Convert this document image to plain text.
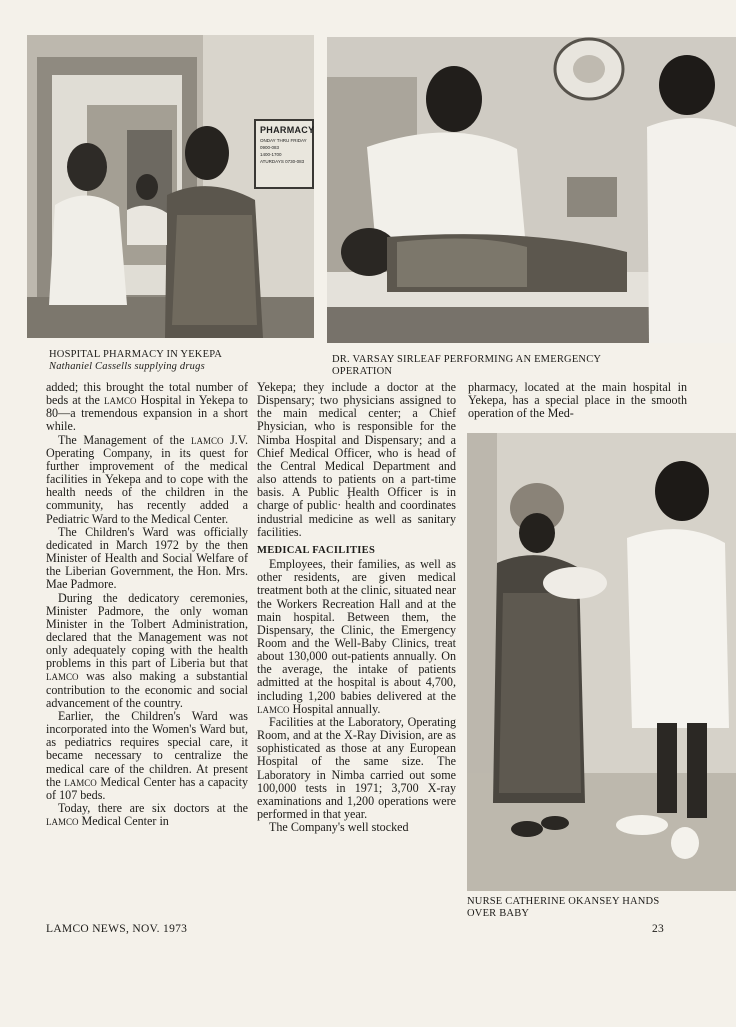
PHARMACY
ONDAY THRU FRIDAY
0900-083
1400-1700
ATURDAYS 0730-083
HOSPITAL PHARMACY IN YEKEPA
Nathaniel Cassells supplying drugs
DR. VARSAY SIRLEAF PERFORMING AN EMERGENCY OPERATION
NURSE CATHERINE OKANSEY HANDS OVER BABY

added; this brought the total number of beds at the lamco Hospital in Yekepa to 80—a tremendous expansion in a short while.

The Management of the lamco J.V. Operating Company, in its quest for further improvement of the medical facilities in Yekepa and to cope with the health needs of the children in the community, has recently added a Pediatric Ward to the Medical Center.

The Children's Ward was officially dedicated in March 1972 by the then Minister of Health and Social Welfare of the Liberian Government, the Hon. Mrs. Mae Padmore.

During the dedicatory ceremonies, Minister Padmore, the only woman Minister in the Tolbert Administration, declared that the Management was not only adequately coping with the health problems in this part of Liberia but that lamco was also making a substantial contribution to the economic and social advancement of the country.

Earlier, the Children's Ward was incorporated into the Women's Ward but, as pediatrics requires special care, it became necessary to centralize the medical care of the children. At present the lamco Medical Center has a capacity of 107 beds.

Today, there are six doctors at the lamco Medical Center in

Yekepa; they include a doctor at the Dispensary; two physicians assigned to the main medical center; a Chief Physician, who is responsible for the Nimba Hospital and Dispensary; and a Chief Medical Officer, who is head of the Central Medical Department and also attends to patients on a part-time basis. A Public Ḩealth Officer is in charge of public· health and coordinates industrial medicine as well as sanitary facilities.

MEDICAL FACILITIES

Employees, their families, as well as other residents, are given medical treatment both at the clinic, situated near the Workers Recreation Hall and at the main hospital. Between them, the Dispensary, the Clinic, the Emergency Room and the Well-Baby Clinics, treat about 130,000 out-patients annually. On the average, the intake of patients admitted at the hospital is about 4,700, including 1,200 babies delivered at the lamco Hospital annually.

Facilities at the Laboratory, Operating Room, and at the X-Ray Division, are as sophisticated as those at any European Hospital of the same size. The Laboratory in Nimba carried out some 100,000 tests in 1971; 3,700 X-ray examinations and 1,200 operations were performed in that year.

The Company's well stocked

pharmacy, located at the main hospital in Yekepa, has a special place in the smooth operation of the Med-

LAMCO NEWS, NOV. 1973	23
